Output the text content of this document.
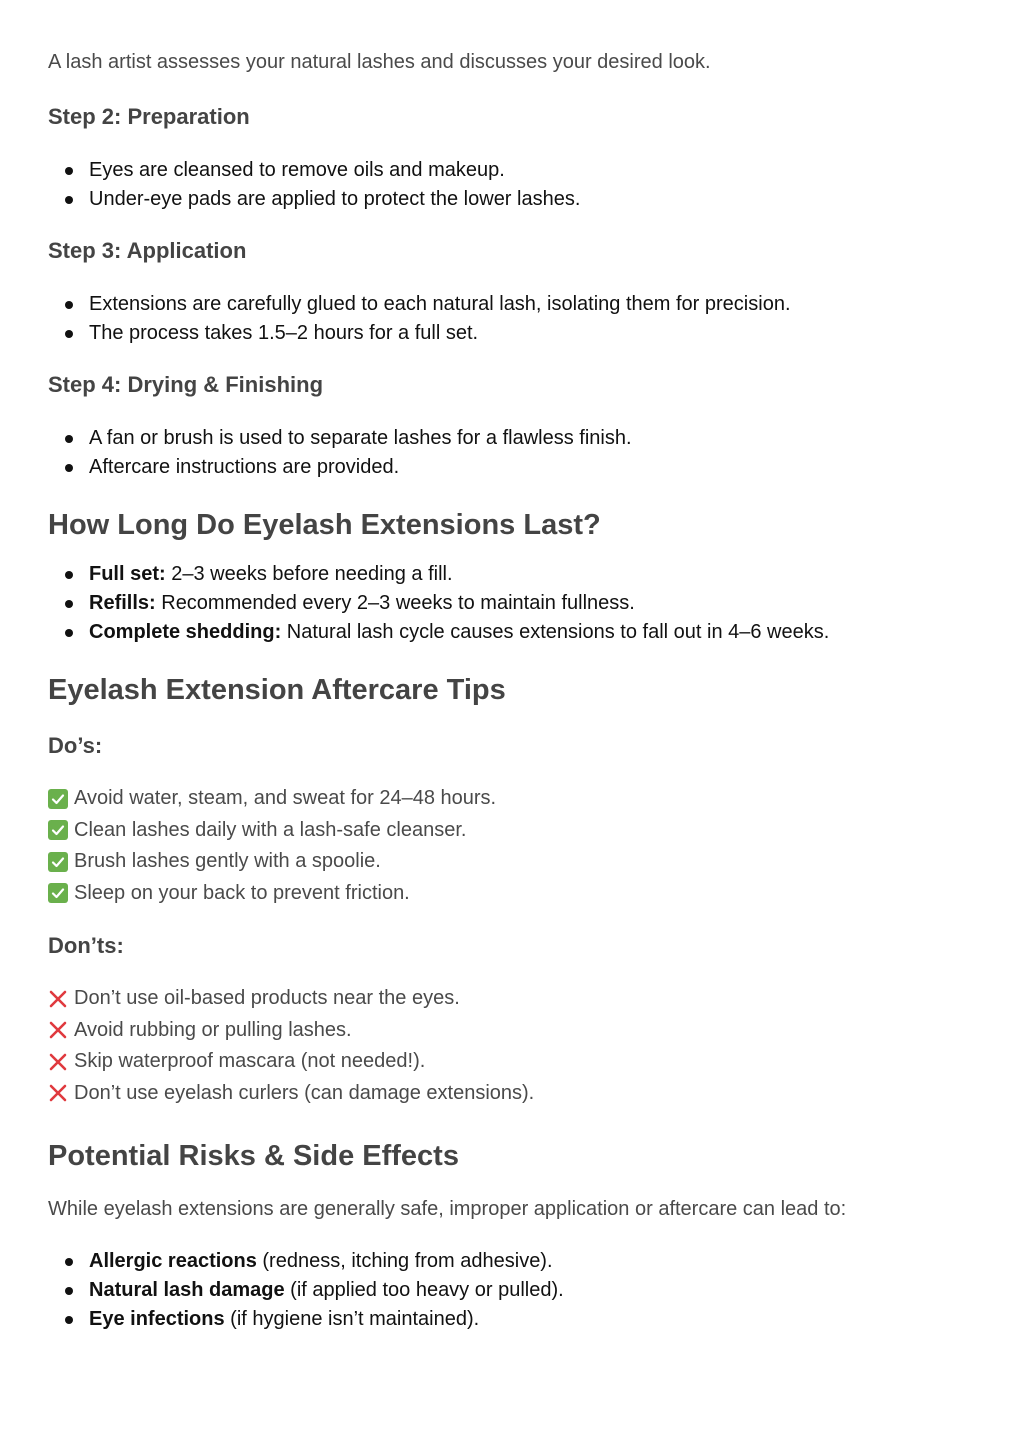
A lash artist assesses your natural lashes and discusses your desired look.

Step 2: Preparation
Eyes are cleansed to remove oils and makeup.
Under-eye pads are applied to protect the lower lashes.
Step 3: Application
Extensions are carefully glued to each natural lash, isolating them for precision.
The process takes 1.5–2 hours for a full set.
Step 4: Drying & Finishing
A fan or brush is used to separate lashes for a flawless finish.
Aftercare instructions are provided.
How Long Do Eyelash Extensions Last?
Full set: 2–3 weeks before needing a fill.
Refills: Recommended every 2–3 weeks to maintain fullness.
Complete shedding: Natural lash cycle causes extensions to fall out in 4–6 weeks.
Eyelash Extension Aftercare Tips
Do’s:
Avoid water, steam, and sweat for 24–48 hours.
Clean lashes daily with a lash-safe cleanser.
Brush lashes gently with a spoolie.
Sleep on your back to prevent friction.
Don’ts:
Don’t use oil-based products near the eyes.
Avoid rubbing or pulling lashes.
Skip waterproof mascara (not needed!).
Don’t use eyelash curlers (can damage extensions).
Potential Risks & Side Effects

While eyelash extensions are generally safe, improper application or aftercare can lead to:

Allergic reactions (redness, itching from adhesive).
Natural lash damage (if applied too heavy or pulled).
Eye infections (if hygiene isn’t maintained).
